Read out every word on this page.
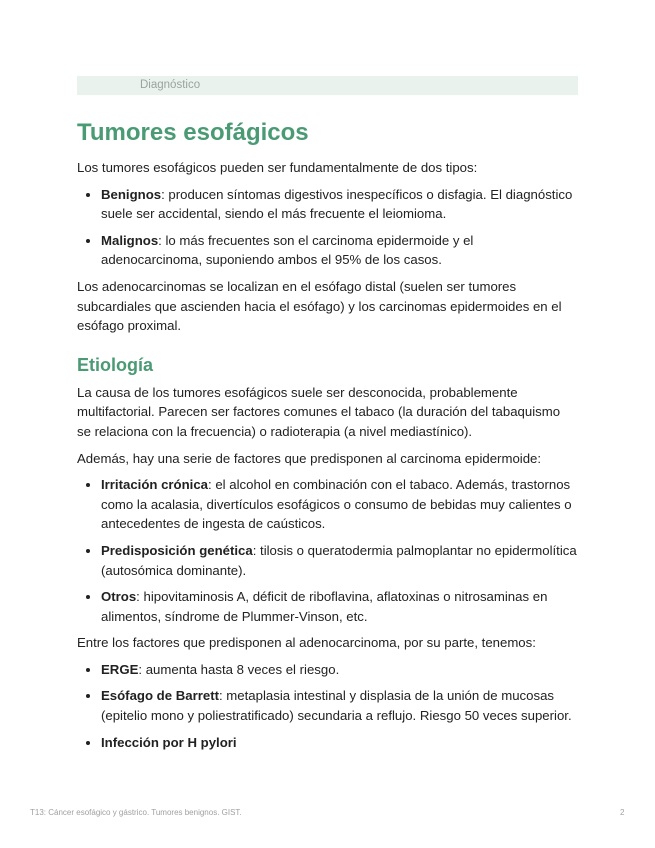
Diagnóstico
Tumores esofágicos

Los tumores esofágicos pueden ser fundamentalmente de dos tipos:

• Benignos: producen síntomas digestivos inespecíficos o disfagia. El diagnóstico suele ser accidental, siendo el más frecuente el leiomioma.
• Malignos: lo más frecuentes son el carcinoma epidermoide y el adenocarcinoma, suponiendo ambos el 95% de los casos.

Los adenocarcinomas se localizan en el esófago distal (suelen ser tumores subcardiales que ascienden hacia el esófago) y los carcinomas epidermoides en el esófago proximal.

Etiología

La causa de los tumores esofágicos suele ser desconocida, probablemente multifactorial. Parecen ser factores comunes el tabaco (la duración del tabaquismo se relaciona con la frecuencia) o radioterapia (a nivel mediastínico).

Además, hay una serie de factores que predisponen al carcinoma epidermoide:

• Irritación crónica: el alcohol en combinación con el tabaco. Además, trastornos como la acalasia, divertículos esofágicos o consumo de bebidas muy calientes o antecedentes de ingesta de caústicos.
• Predisposición genética: tilosis o queratodermia palmoplantar no epidermolítica (autosómica dominante).
• Otros: hipovitaminosis A, déficit de riboflavina, aflatoxinas o nitrosaminas en alimentos, síndrome de Plummer-Vinson, etc.

Entre los factores que predisponen al adenocarcinoma, por su parte, tenemos:

• ERGE: aumenta hasta 8 veces el riesgo.
• Esófago de Barrett: metaplasia intestinal y displasia de la unión de mucosas (epitelio mono y poliestratificado) secundaria a reflujo. Riesgo 50 veces superior.
• Infección por H pylori
T13: Cáncer esofágico y gástrico. Tumores benignos. GIST.	2
